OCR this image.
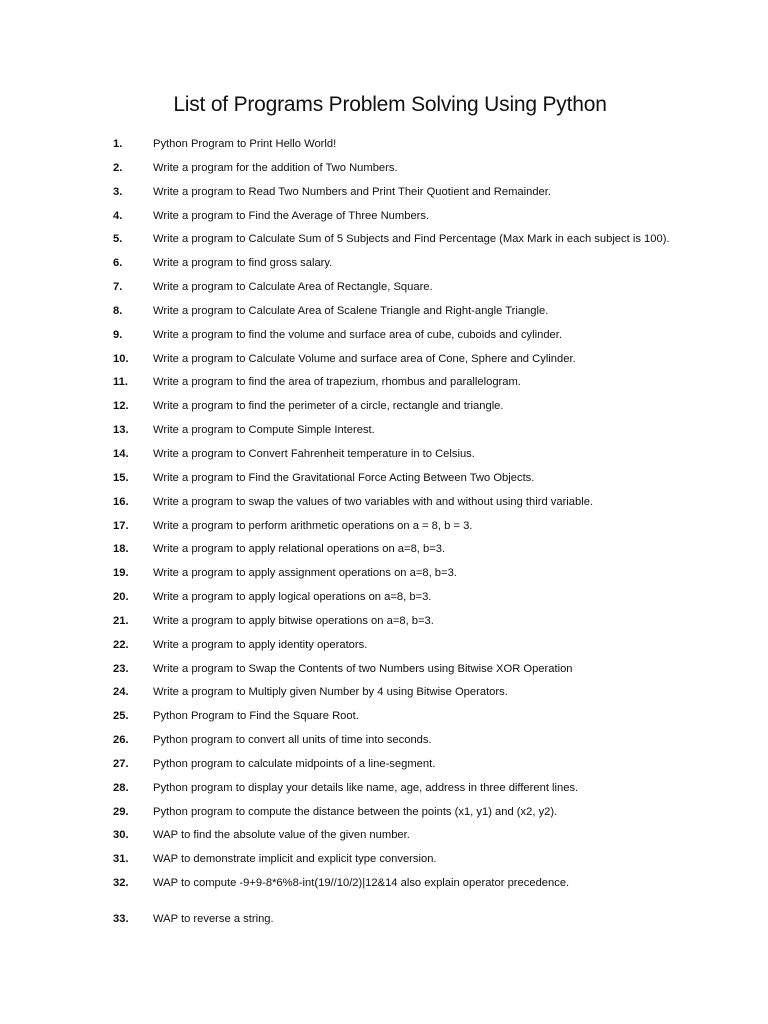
List of Programs Problem Solving Using Python
1.	Python Program to Print Hello World!
2.	Write a program for the addition of Two Numbers.
3.	Write a program to Read Two Numbers and Print Their Quotient and Remainder.
4.	Write a program to Find the Average of Three Numbers.
5.	Write a program to Calculate Sum of 5 Subjects and Find Percentage (Max Mark in each subject is 100).
6.	Write a program to find gross salary.
7.	Write a program to Calculate Area of Rectangle, Square.
8.	Write a program to Calculate Area of Scalene Triangle and Right-angle Triangle.
9.	Write a program to find the volume and surface area of cube, cuboids and cylinder.
10. Write a program to Calculate Volume and surface area of Cone, Sphere and Cylinder.
11. Write a program to find the area of trapezium, rhombus and parallelogram.
12. Write a program to find the perimeter of a circle, rectangle and triangle.
13. Write a program to Compute Simple Interest.
14. Write a program to Convert Fahrenheit temperature in to Celsius.
15. Write a program to Find the Gravitational Force Acting Between Two Objects.
16. Write a program to swap the values of two variables with and without using third variable.
17. Write a program to perform arithmetic operations on a = 8, b = 3.
18. Write a program to apply relational operations on a=8, b=3.
19. Write a program to apply assignment operations on a=8, b=3.
20. Write a program to apply logical operations on a=8, b=3.
21. Write a program to apply bitwise operations on a=8, b=3.
22. Write a program to apply identity operators.
23. Write a program to Swap the Contents of two Numbers using Bitwise XOR Operation
24. Write a program to Multiply given Number by 4 using Bitwise Operators.
25. Python Program to Find the Square Root.
26. Python program to convert all units of time into seconds.
27. Python program to calculate midpoints of a line-segment.
28. Python program to display your details like name, age, address in three different lines.
29. Python program to compute the distance between the points (x1, y1) and (x2, y2).
30. WAP to find the absolute value of the given number.
31. WAP to demonstrate implicit and explicit type conversion.
32. WAP to compute -9+9-8*6%8-int(19//10/2)|12&14 also explain operator precedence.
33. WAP to reverse a string.
